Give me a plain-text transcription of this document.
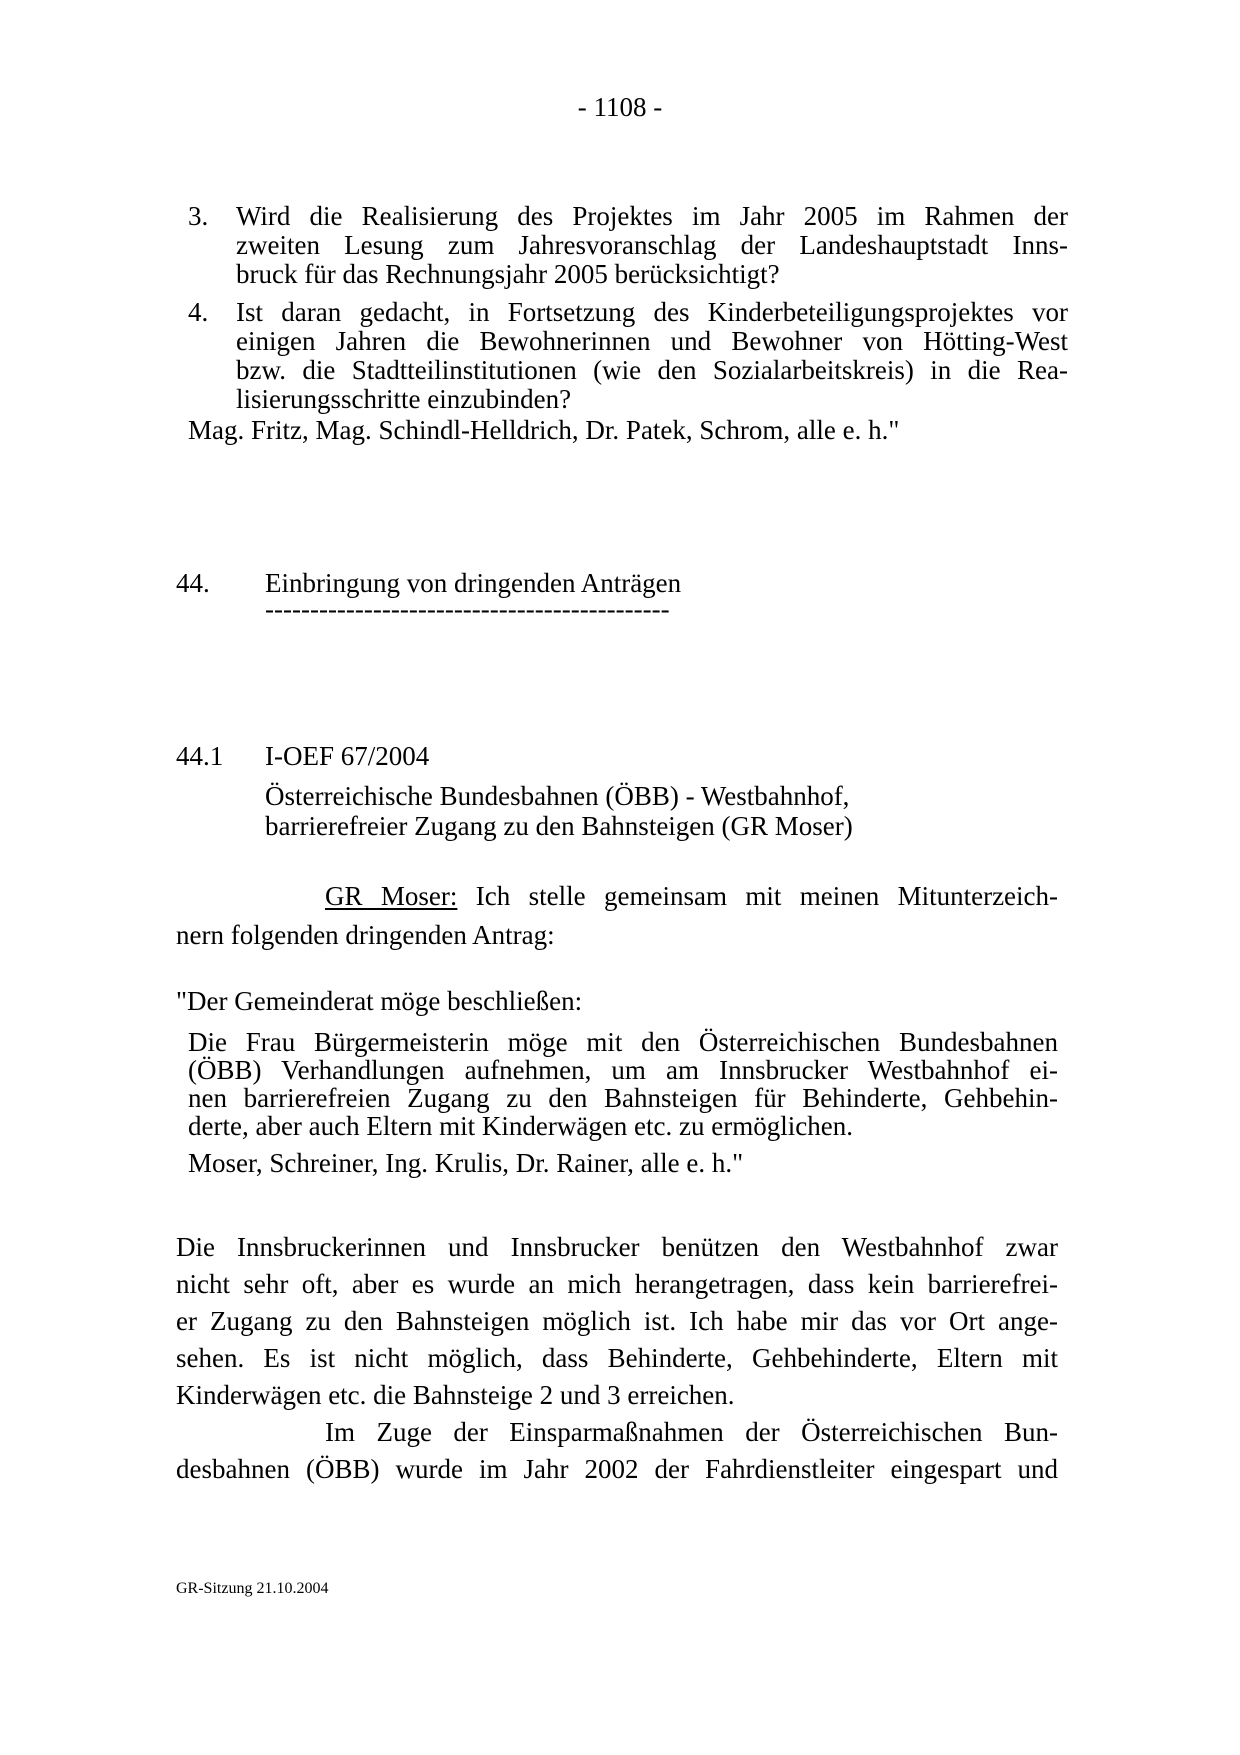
- 1108 -
3. Wird die Realisierung des Projektes im Jahr 2005 im Rahmen der

zweiten Lesung zum Jahresvoranschlag der Landeshauptstadt Inns-

bruck für das Rechnungsjahr 2005 berücksichtigt?

4. Ist daran gedacht, in Fortsetzung des Kinderbeteiligungsprojektes vor

einigen Jahren die Bewohnerinnen und Bewohner von Hötting-West

bzw. die Stadtteilinstitutionen (wie den Sozialarbeitskreis) in die Rea-

lisierungsschritte einzubinden?

Mag. Fritz, Mag. Schindl-Helldrich, Dr. Patek, Schrom, alle e. h."
44. Einbringung von dringenden Anträgen
---------------------------------------------
44.1 I-OEF 67/2004
Österreichische Bundesbahnen (ÖBB) - Westbahnhof,
barrierefreier Zugang zu den Bahnsteigen (GR Moser)
GR Moser: Ich stelle gemeinsam mit meinen Mitunterzeich-
nern folgenden dringenden Antrag:
"Der Gemeinderat möge beschließen:
Die Frau Bürgermeisterin möge mit den Österreichischen Bundesbahnen
(ÖBB) Verhandlungen aufnehmen, um am Innsbrucker Westbahnhof ei-
nen barrierefreien Zugang zu den Bahnsteigen für Behinderte, Gehbehin-
derte, aber auch Eltern mit Kinderwägen etc. zu ermöglichen.
Moser, Schreiner, Ing. Krulis, Dr. Rainer, alle e. h."
Die Innsbruckerinnen und Innsbrucker benützen den Westbahnhof zwar
nicht sehr oft, aber es wurde an mich herangetragen, dass kein barrierefrei-
er Zugang zu den Bahnsteigen möglich ist. Ich habe mir das vor Ort ange-
sehen. Es ist nicht möglich, dass Behinderte, Gehbehinderte, Eltern mit
Kinderwägen etc. die Bahnsteige 2 und 3 erreichen.
Im Zuge der Einsparmaßnahmen der Österreichischen Bun-
desbahnen (ÖBB) wurde im Jahr 2002 der Fahrdienstleiter eingespart und
GR-Sitzung 21.10.2004
